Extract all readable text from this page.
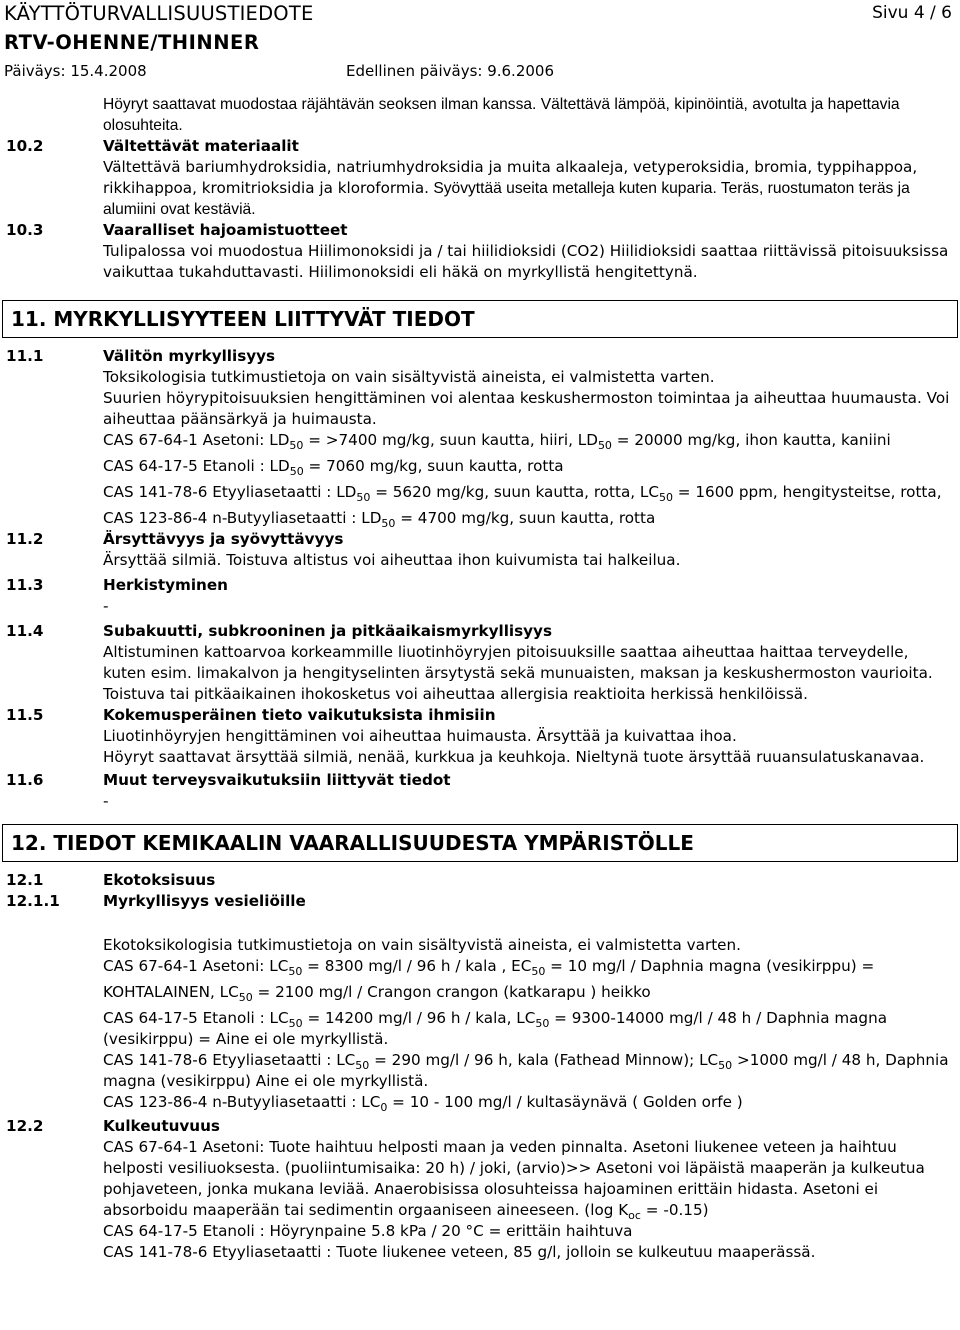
KÄYTTÖTURVALLISUUSTIEDOTE	Sivu 4 / 6
RTV-OHENNE/THINNER
Päiväys: 15.4.2008	Edellinen päiväys: 9.6.2006
Höyryt saattavat muodostaa räjähtävän seoksen ilman kanssa. Vältettävä lämpöä, kipinöintiä, avotulta ja hapettavia olosuhteita.
10.2	Vältettävät materiaalit
Vältettävä bariumhydroksidia, natriumhydroksidia ja muita alkaaleja, vetyperoksidia, bromia, typpihappoa, rikkihappoa, kromitrioksidia ja kloroformia. Syövyttää useita metalleja kuten kuparia. Teräs, ruostumaton teräs ja alumiini ovat kestäviä.
10.3	Vaaralliset hajoamistuotteet
Tulipalossa voi muodostua Hiilimonoksidi ja / tai hiilidioksidi (CO2) Hiilidioksidi saattaa riittävissä pitoisuuksissa vaikuttaa tukahduttavasti. Hiilimonoksidi eli häkä on myrkyllistä hengitettynä.
11. MYRKYLLISYYTEEN LIITTYVÄT TIEDOT
11.1	Välitön myrkyllisyys
Toksikologisia tutkimustietoja on vain sisältyvistä aineista, ei valmistetta varten.
Suurien höyrypitoisuuksien hengittäminen voi alentaa keskushermoston toimintaa ja aiheuttaa huumausta. Voi aiheuttaa päänsärkyä ja huimausta.
CAS 67-64-1 Asetoni: $LD_{50} = >7400$ mg/kg, suun kautta, hiiri, $LD_{50} = 20000$ mg/kg, ihon kautta, kaniini
CAS 64-17-5 Etanoli : $LD_{50} = 7060$ mg/kg, suun kautta, rotta
CAS 141-78-6 Etyyliasetaatti : $LD_{50} = 5620$ mg/kg, suun kautta, rotta, $LC_{50} = 1600$ ppm, hengitysteitse, rotta,
CAS 123-86-4 n-Butyyliasetaatti : $LD_{50} = 4700$ mg/kg, suun kautta, rotta
11.2	Ärsyttävyys ja syövyttävyys
Ärsyttää silmiä. Toistuva altistus voi aiheuttaa ihon kuivumista tai halkeilua.
11.3	Herkistyminen
-
11.4	Subakuutti, subkrooninen ja pitkäaikaismyrkyllisyys
Altistuminen kattoarvoa korkeammille liuotinhöyryjen pitoisuuksille saattaa aiheuttaa haittaa terveydelle, kuten esim. limakalvon ja hengityselinten ärsytystä sekä munuaisten, maksan ja keskushermoston vaurioita. Toistuva tai pitkäaikainen ihokosketus voi aiheuttaa allergisia reaktioita herkissä henkilöissä.
11.5	Kokemusperäinen tieto vaikutuksista ihmisiin
Liuotinhöyryjen hengittäminen voi aiheuttaa huimausta. Ärsyttää ja kuivattaa ihoa.
Höyryt saattavat ärsyttää silmiä, nenää, kurkkua ja keuhkoja. Nieltynä tuote ärsyttää ruuansulatuskanavaa.
11.6	Muut terveysvaikutuksiin liittyvät tiedot
-
12. TIEDOT KEMIKAALIN VAARALLISUUDESTA YMPÄRISTÖLLE
12.1	Ekotoksisuus
12.1.1	Myrkyllisyys vesieliöille
Ekotoksikologisia tutkimustietoja on vain sisältyvistä aineista, ei valmistetta varten.
CAS 67-64-1 Asetoni: $LC_{50} = 8300$ mg/l / 96 h / kala , $EC_{50} = 10$ mg/l / Daphnia magna (vesikirppu) =
KOHTALAINEN, $LC_{50} = 2100$ mg/l / Crangon crangon (katkarapu ) heikko
CAS 64-17-5 Etanoli : $LC_{50} = 14200$ mg/l / 96 h / kala, $LC_{50} = 9300-14000$ mg/l / 48 h / Daphnia magna (vesikirppu) = Aine ei ole myrkyllistä.
CAS 141-78-6 Etyyliasetaatti : $LC_{50} = 290$ mg/l / 96 h, kala (Fathead Minnow); $LC_{50} >1000$ mg/l / 48 h, Daphnia magna (vesikirppu) Aine ei ole myrkyllistä.
CAS 123-86-4 n-Butyyliasetaatti : $LC_0 = 10 - 100$ mg/l / kultasäynävä ( Golden orfe )
12.2	Kulkeutuvuus
CAS 67-64-1 Asetoni: Tuote haihtuu helposti maan ja veden pinnalta. Asetoni liukenee veteen ja haihtuu helposti vesiliuoksesta. (puoliintumisaika: 20 h) / joki, (arvio)>> Asetoni voi läpäistä maaperän ja kulkeutua pohjaveteen, jonka mukana leviää. Anaerobisissa olosuhteissa hajoaminen erittäin hidasta. Asetoni ei absorboidu maaperään tai sedimentin orgaaniseen aineeseen. (log $K_{oc} = -0.15$)
CAS 64-17-5 Etanoli : Höyrynpaine 5.8 kPa / 20 °C = erittäin haihtuva
CAS 141-78-6 Etyyliasetaatti : Tuote liukenee veteen, 85 g/l, jolloin se kulkeutuu maaperässä.
